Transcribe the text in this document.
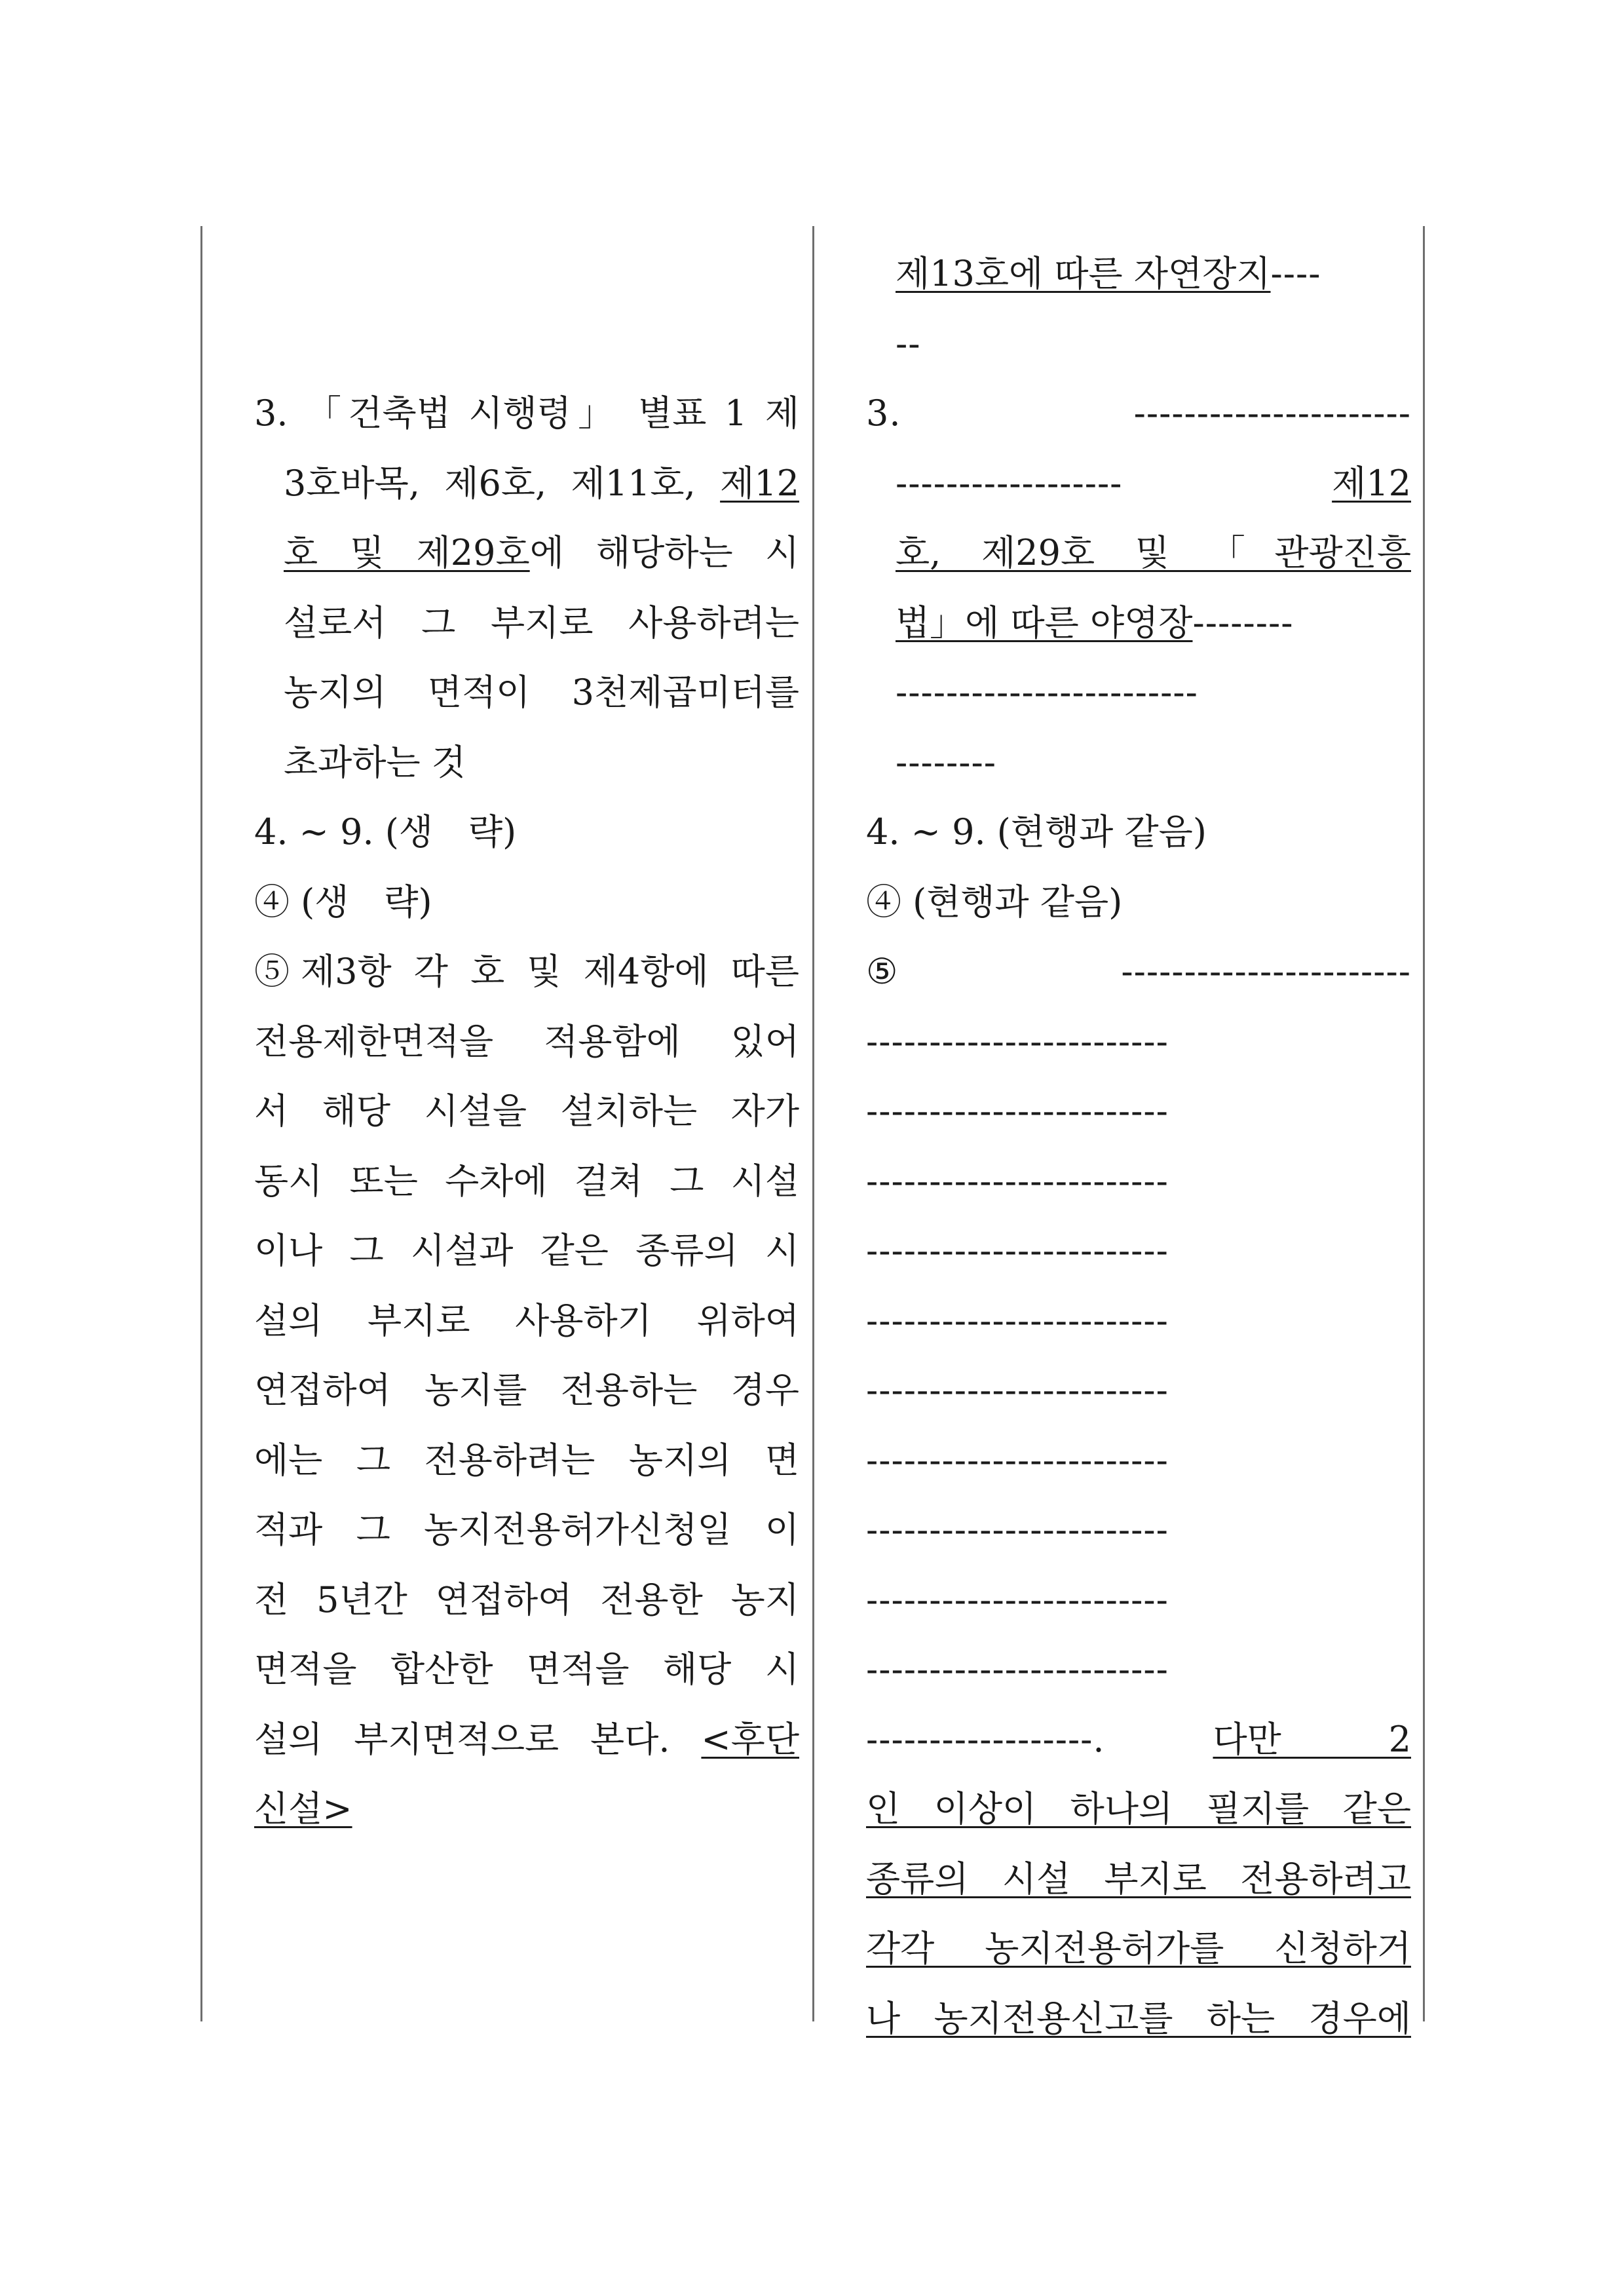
3. 「건축법 시행령」 별표 1 제
3호바목, 제6호, 제11호, 제12
호 및 제29호에 해당하는 시
설로서 그 부지로 사용하려는
농지의 면적이 3천제곱미터를
초과하는 것
4. ∼ 9. (생　략)
④ (생　략)
⑤제3항 각 호 및 제4항에 따른
전용제한면적을 적용함에 있어
서 해당 시설을 설치하는 자가
동시 또는 수차에 걸쳐 그 시설
이나 그 시설과 같은 종류의 시
설의 부지로 사용하기 위하여
연접하여 농지를 전용하는 경우
에는 그 전용하려는 농지의 면
적과 그 농지전용허가신청일 이
전 5년간 연접하여 전용한 농지
면적을 합산한 면적을 해당 시
설의 부지면적으로 본다. <후단
신설>
제13호에 따른 자연장지----
--
3. ----------------------
------------------ 제12
호, 제29호 및 「관광진흥
법」에 따른 야영장--------
------------------------
--------
4. ∼ 9. (현행과 같음)
④ (현행과 같음)
⑤-----------------------
------------------------
------------------------
------------------------
------------------------
------------------------
------------------------
------------------------
------------------------
------------------------
------------------------
------------------. 다만 2
인 이상이 하나의 필지를 같은
종류의 시설 부지로 전용하려고
각각 농지전용허가를 신청하거
나 농지전용신고를 하는 경우에
